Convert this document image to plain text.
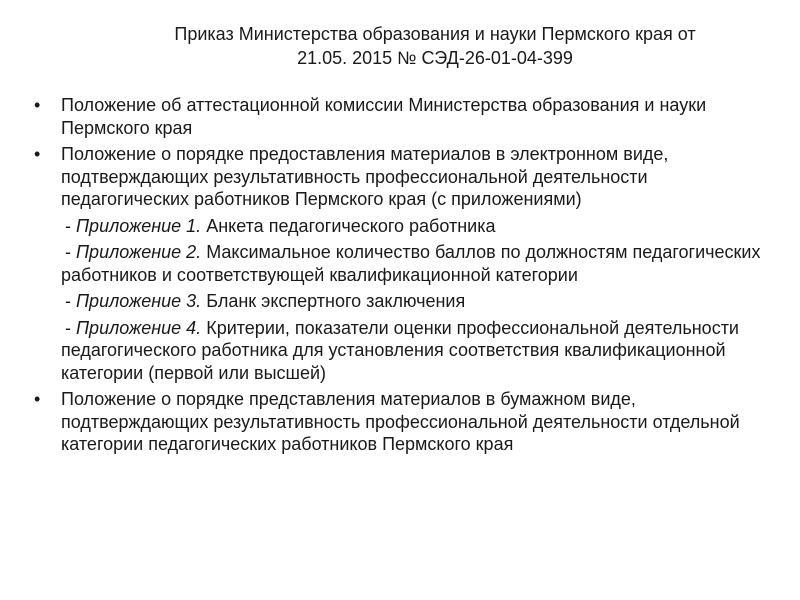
Приказ Министерства образования и науки Пермского края от
21.05. 2015 № СЭД-26-01-04-399
•	Положение об аттестационной комиссии Министерства образования и науки Пермского края
•	Положение о порядке предоставления материалов в электронном виде, подтверждающих результативность профессиональной деятельности педагогических работников Пермского края (с приложениями)
- Приложение 1. Анкета педагогического работника
- Приложение 2. Максимальное количество баллов по должностям педагогических работников и соответствующей квалификационной категории
- Приложение 3. Бланк экспертного заключения
- Приложение 4. Критерии, показатели оценки профессиональной деятельности педагогического работника для установления соответствия квалификационной категории (первой или высшей)
•	Положение о порядке представления материалов в бумажном виде, подтверждающих результативность профессиональной деятельности отдельной категории педагогических работников Пермского края
